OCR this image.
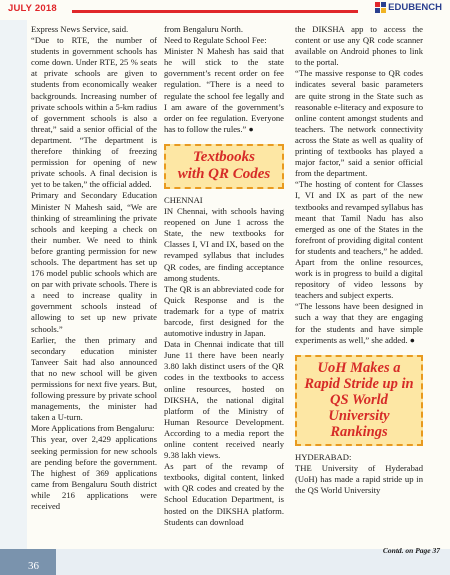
JULY 2018	EDUBENCH

Express News Service, said.

“Due to RTE, the number of students in government schools has come down. Under RTE, 25 % seats at private schools are given to students from economically weaker backgrounds. Increasing number of private schools within a 5-km radius of government schools is also a threat,” said a senior official of the department. “The department is therefore thinking of freezing permission for opening of new private schools. A final decision is yet to be taken,” the official added.

Primary and Secondary Education Minister N Mahesh said, “We are thinking of streamlining the private schools and keeping a check on their number. We need to think before granting permission for new schools. The department has set up 176 model public schools which are on par with private schools. There is a need to increase quality in government schools instead of allowing to set up new private schools.”

Earlier, the then primary and secondary education minister Tanveer Sait had also announced that no new school will be given permissions for next five years. But, following pressure by private school managements, the minister had taken a U-turn.

More Applications from Bengaluru:

This year, over 2,429 applications seeking permission for new schools are pending before the government. The highest of 369 applications came from Bengaluru South district while 216 applications were received

from Bengaluru North.

Need to Regulate School Fee:

Minister N Mahesh has said that he will stick to the state government’s recent order on fee regulation. “There is a need to regulate the school fee legally and I am aware of the government’s order on fee regulation. Everyone has to follow the rules.” ●

Textbooks
with QR Codes

CHENNAI

IN Chennai, with schools having reopened on June 1 across the State, the new textbooks for Classes I, VI and IX, based on the revamped syllabus that includes QR codes, are finding acceptance among students.

The QR is an abbreviated code for Quick Response and is the trademark for a type of matrix barcode, first designed for the automotive industry in Japan.

Data in Chennai indicate that till June 11 there have been nearly 3.80 lakh distinct users of the QR codes in the textbooks to access online resources, hosted on DIKSHA, the national digital platform of the Ministry of Human Resource Development. According to a media report the online content received nearly 9.38 lakh views.

As part of the revamp of textbooks, digital content, linked with QR codes and created by the School Education Department, is hosted on the DIKSHA platform. Students can download

the DIKSHA app to access the content or use any QR code scanner available on Android phones to link to the portal.

“The massive response to QR codes indicates several basic parameters are quite strong in the State such as reasonable e-literacy and exposure to online content amongst students and teachers. The network connectivity across the State as well as quality of printing of textbooks has played a major factor,” said a senior official from the department.

“The hosting of content for Classes I, VI and IX as part of the new textbooks and revamped syllabus has meant that Tamil Nadu has also emerged as one of the States in the forefront of providing digital content for students and teachers,” he added. Apart from the online resources, work is in progress to build a digital repository of video lessons by teachers and subject experts.

“The lessons have been designed in such a way that they are engaging for the students and have simple experiments as well,” she added. ●

UoH Makes a Rapid Stride up in QS World University Rankings

HYDERABAD:

THE University of Hyderabad (UoH) has made a rapid stride up in the QS World University

36
Contd. on Page 37
